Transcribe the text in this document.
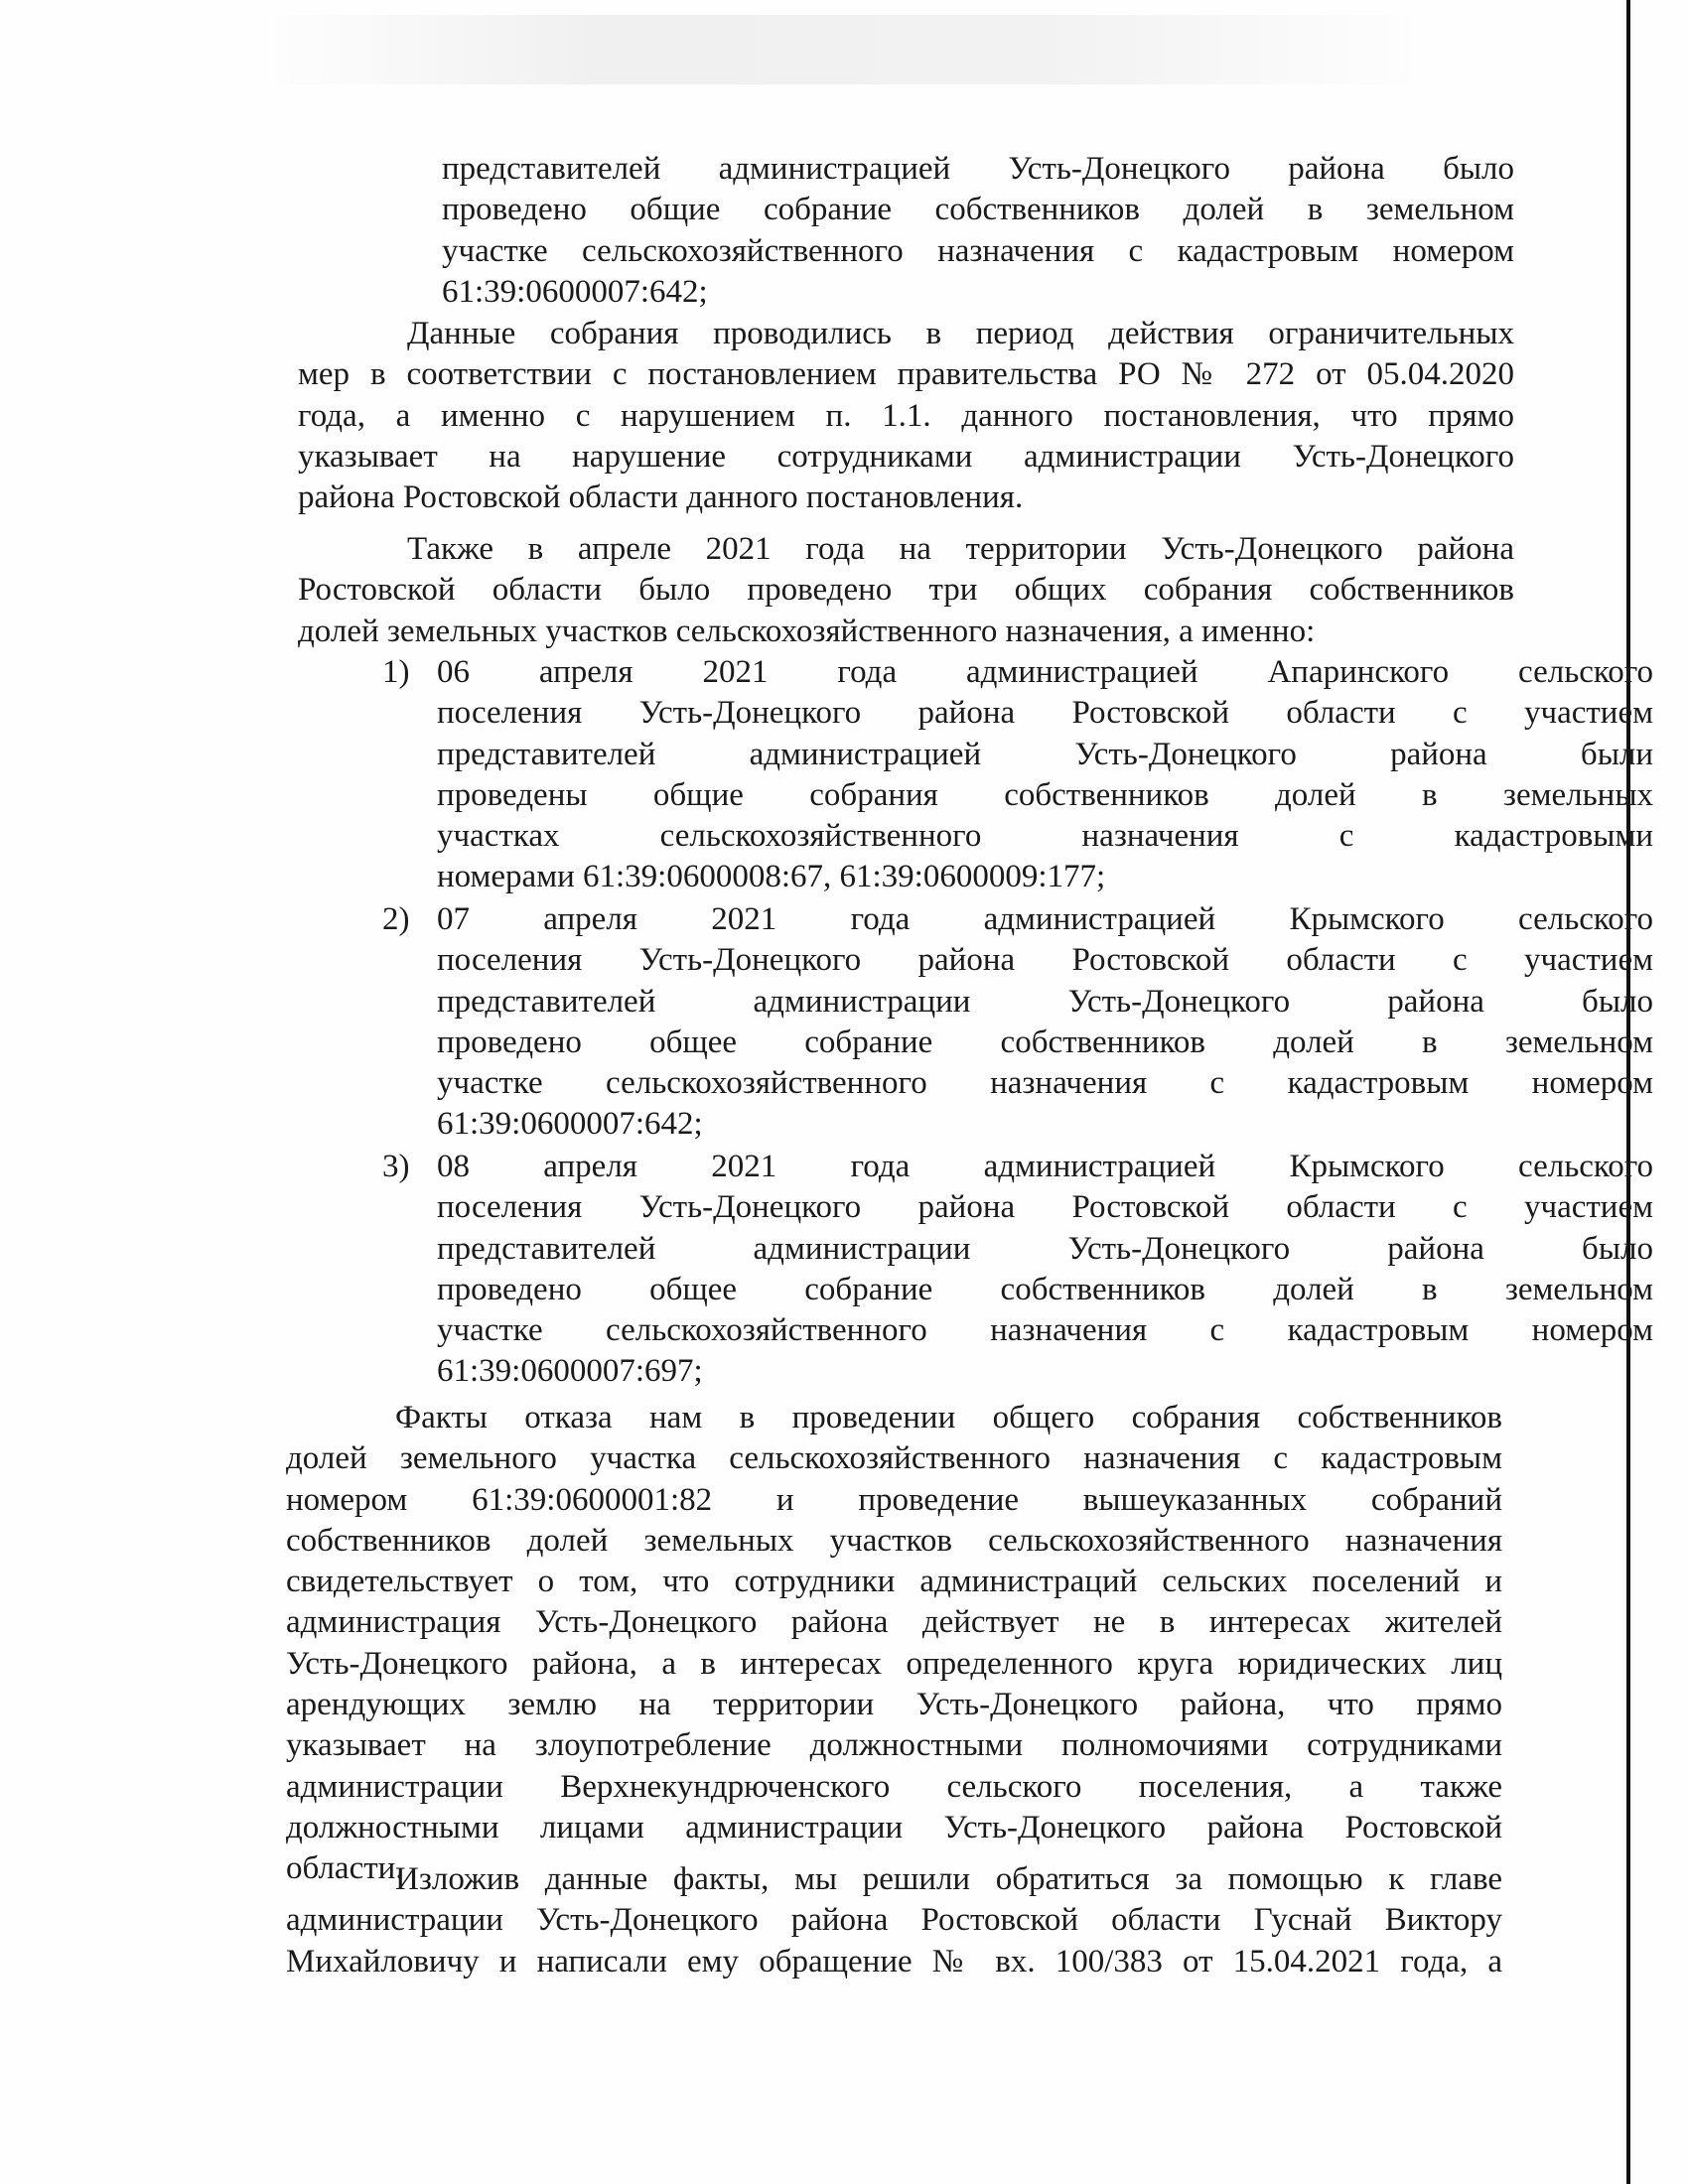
представителей администрацией Усть-Донецкого района было

проведено общие собрание собственников долей в земельном

участке сельскохозяйственного назначения с кадастровым номером

61:39:0600007:642;

Данные собрания проводились в период действия ограничительных

мер в соответствии с постановлением правительства РО № 272 от 05.04.2020

года, а именно с нарушением п. 1.1. данного постановления, что прямо

указывает на нарушение сотрудниками администрации Усть-Донецкого

района Ростовской области данного постановления.

Также в апреле 2021 года на территории Усть-Донецкого района

Ростовской области было проведено три общих собрания собственников

долей земельных участков сельскохозяйственного назначения, а именно:

1) 06 апреля 2021 года администрацией Апаринского сельского

поселения Усть-Донецкого района Ростовской области с участием

представителей администрацией Усть-Донецкого района были

проведены общие собрания собственников долей в земельных

участках сельскохозяйственного назначения с кадастровыми

номерами 61:39:0600008:67, 61:39:0600009:177;

2) 07 апреля 2021 года администрацией Крымского сельского

поселения Усть-Донецкого района Ростовской области с участием

представителей администрации Усть-Донецкого района было

проведено общее собрание собственников долей в земельном

участке сельскохозяйственного назначения с кадастровым номером

61:39:0600007:642;

3) 08 апреля 2021 года администрацией Крымского сельского

поселения Усть-Донецкого района Ростовской области с участием

представителей администрации Усть-Донецкого района было

проведено общее собрание собственников долей в земельном

участке сельскохозяйственного назначения с кадастровым номером

61:39:0600007:697;

Факты отказа нам в проведении общего собрания собственников

долей земельного участка сельскохозяйственного назначения с кадастровым

номером 61:39:0600001:82 и проведение вышеуказанных собраний

собственников долей земельных участков сельскохозяйственного назначения

свидетельствует о том, что сотрудники администраций сельских поселений и

администрация Усть-Донецкого района действует не в интересах жителей

Усть-Донецкого района, а в интересах определенного круга юридических лиц

арендующих землю на территории Усть-Донецкого района, что прямо

указывает на злоупотребление должностными полномочиями сотрудниками

администрации Верхнекундрюченского сельского поселения, а также

должностными лицами администрации Усть-Донецкого района Ростовской

области.

Изложив данные факты, мы решили обратиться за помощью к главе

администрации Усть-Донецкого района Ростовской области Гуснай Виктору

Михайловичу и написали ему обращение № вх. 100/383 от 15.04.2021 года, а
